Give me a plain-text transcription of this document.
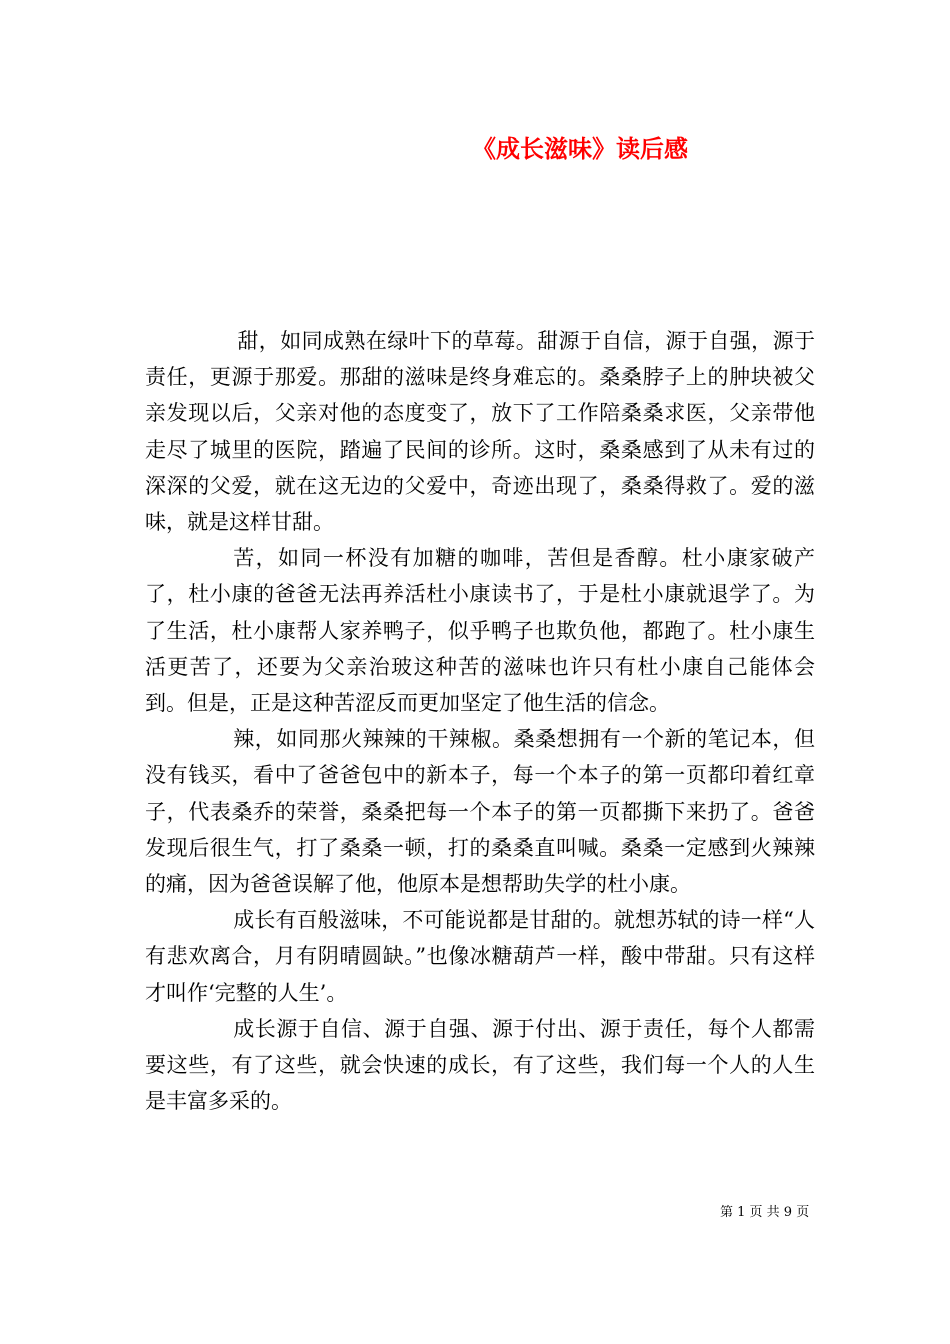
《成长滋味》读后感

甜，如同成熟在绿叶下的草莓。甜源于自信，源于自强，源于责任，更源于那爱。那甜的滋味是终身难忘的。桑桑脖子上的肿块被父亲发现以后，父亲对他的态度变了，放下了工作陪桑桑求医，父亲带他走尽了城里的医院，踏遍了民间的诊所。这时，桑桑感到了从未有过的深深的父爱，就在这无边的父爱中，奇迹出现了，桑桑得救了。爱的滋味，就是这样甘甜。

苦，如同一杯没有加糖的咖啡，苦但是香醇。杜小康家破产了，杜小康的爸爸无法再养活杜小康读书了，于是杜小康就退学了。为了生活，杜小康帮人家养鸭子，似乎鸭子也欺负他，都跑了。杜小康生活更苦了，还要为父亲治玻这种苦的滋味也许只有杜小康自己能体会到。但是，正是这种苦涩反而更加坚定了他生活的信念。

辣，如同那火辣辣的干辣椒。桑桑想拥有一个新的笔记本，但没有钱买，看中了爸爸包中的新本子，每一个本子的第一页都印着红章子，代表桑乔的荣誉，桑桑把每一个本子的第一页都撕下来扔了。爸爸发现后很生气，打了桑桑一顿，打的桑桑直叫喊。桑桑一定感到火辣辣的痛，因为爸爸误解了他，他原本是想帮助失学的杜小康。

成长有百般滋味，不可能说都是甘甜的。就想苏轼的诗一样“人有悲欢离合，月有阴晴圆缺。”也像冰糖葫芦一样，酸中带甜。只有这样才叫作‘完整的人生’。

成长源于自信、源于自强、源于付出、源于责任，每个人都需要这些，有了这些，就会快速的成长，有了这些，我们每一个人的人生是丰富多采的。

第 1 页 共 9 页
